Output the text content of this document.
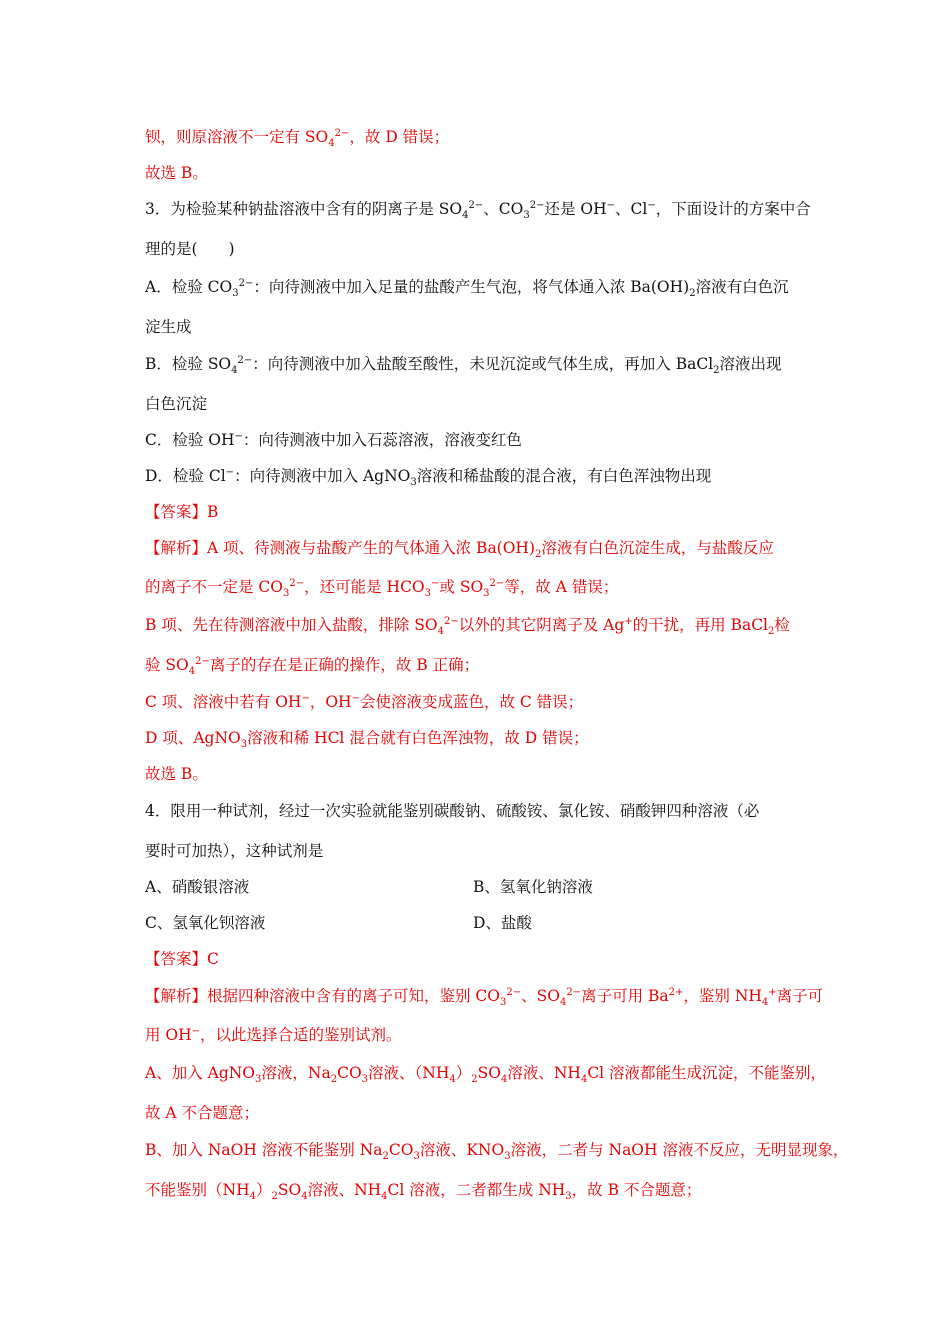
钡，则原溶液不一定有 $SO_4^{2-}$，故 D 错误；
故选 B。
3．为检验某种钠盐溶液中含有的阴离子是 $SO_4^{2-}$、$CO_3^{2-}$还是 OH−、Cl−，下面设计的方案中合
理的是(　　)
A．检验 $CO_3^{2-}$：向待测液中加入足量的盐酸产生气泡，将气体通入浓 $Ba(OH)_2$溶液有白色沉
淀生成
B．检验 $SO_4^{2-}$：向待测液中加入盐酸至酸性，未见沉淀或气体生成，再加入 BaCl$_2$溶液出现
白色沉淀
C．检验 OH−：向待测液中加入石蕊溶液，溶液变红色
D．检验 Cl−：向待测液中加入 AgNO$_3$溶液和稀盐酸的混合液，有白色浑浊物出现
【答案】B
【解析】A 项、待测液与盐酸产生的气体通入浓 $Ba(OH)_2$溶液有白色沉淀生成，与盐酸反应
的离子不一定是 $CO_3^{2-}$，还可能是 $HCO_3^-$或 $SO_3^{2-}$等，故 A 错误；
B 项、先在待测溶液中加入盐酸，排除 $SO_4^{2-}$以外的其它阴离子及 Ag+的干扰，再用 BaCl$_2$检
验 $SO_4^{2-}$离子的存在是正确的操作，故 B 正确；
C 项、溶液中若有 OH−，OH−会使溶液变成蓝色，故 C 错误；
D 项、AgNO$_3$溶液和稀 HCl 混合就有白色浑浊物，故 D 错误；
故选 B。
4．限用一种试剂，经过一次实验就能鉴别碳酸钠、硫酸铵、氯化铵、硝酸钾四种溶液（必
要时可加热），这种试剂是
A、硝酸银溶液	B、氢氧化钠溶液
C、氢氧化钡溶液	D、盐酸
【答案】C
【解析】根据四种溶液中含有的离子可知，鉴别 $CO_3^{2-}$、$SO_4^{2-}$离子可用 $Ba^{2+}$，鉴别 $NH_4^+$离子可
用 OH−，以此选择合适的鉴别试剂。
A、加入 AgNO$_3$溶液，$Na_2CO_3$溶液、$(NH_4)_2SO_4$溶液、$NH_4Cl$ 溶液都能生成沉淀，不能鉴别，
故 A 不合题意；
B、加入 NaOH 溶液不能鉴别 $Na_2CO_3$溶液、$KNO_3$溶液，二者与 NaOH 溶液不反应，无明显现象，
不能鉴别$(NH_4)_2SO_4$溶液、$NH_4Cl$ 溶液，二者都生成 $NH_3$，故 B 不合题意；
